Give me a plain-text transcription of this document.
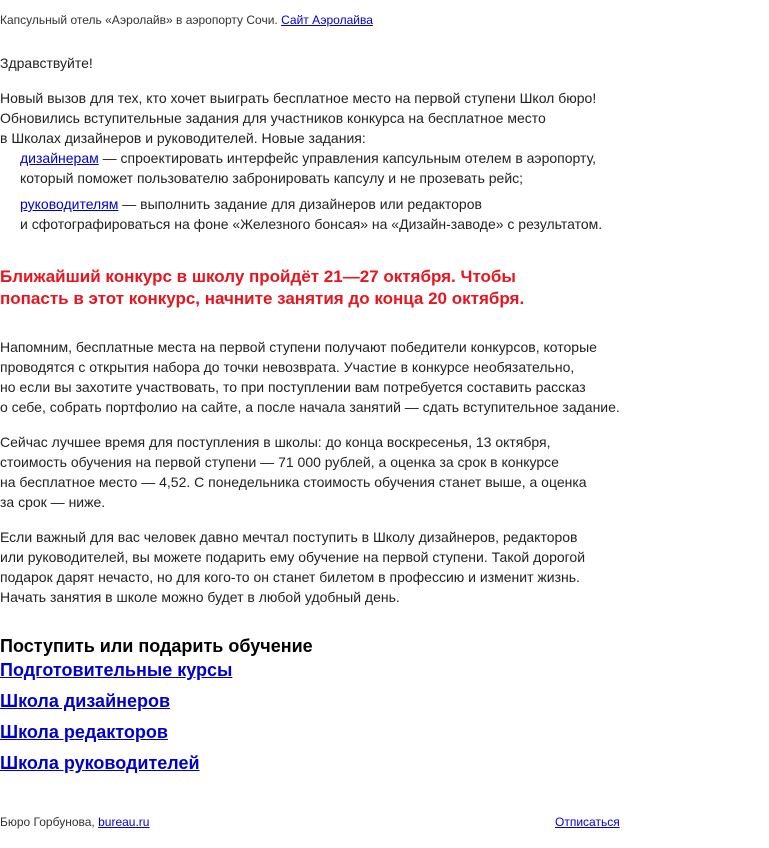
Капсульный отель «Аэролайв» в аэропорту Сочи. Сайт Аэролайва
Здравствуйте!
Новый вызов для тех, кто хочет выиграть бесплатное место на первой ступени Школ бюро!
Обновились вступительные задания для участников конкурса на бесплатное место
в Школах дизайнеров и руководителей. Новые задания:
дизайнерам — спроектировать интерфейс управления капсульным отелем в аэропорту,
который поможет пользователю забронировать капсулу и не прозевать рейс;
руководителям — выполнить задание для дизайнеров или редакторов
и сфотографироваться на фоне «Железного бонсая» на «Дизайн-заводе» с результатом.
Ближайший конкурс в школу пройдёт 21—27 октября. Чтобы
попасть в этот конкурс, начните занятия до конца 20 октября.
Напомним, бесплатные места на первой ступени получают победители конкурсов, которые
проводятся с открытия набора до точки невозврата. Участие в конкурсе необязательно,
но если вы захотите участвовать, то при поступлении вам потребуется составить рассказ
о себе, собрать портфолио на сайте, а после начала занятий — сдать вступительное задание.
Сейчас лучшее время для поступления в школы: до конца воскресенья, 13 октября,
стоимость обучения на первой ступени — 71 000 рублей, а оценка за срок в конкурсе
на бесплатное место — 4,52. С понедельника стоимость обучения станет выше, а оценка
за срок — ниже.
Если важный для вас человек давно мечтал поступить в Школу дизайнеров, редакторов
или руководителей, вы можете подарить ему обучение на первой ступени. Такой дорогой
подарок дарят нечасто, но для кого-то он станет билетом в профессию и изменит жизнь.
Начать занятия в школе можно будет в любой удобный день.
Поступить или подарить обучение
Подготовительные курсы
Школа дизайнеров
Школа редакторов
Школа руководителей
Бюро Горбунова, bureau.ru	Отписаться
